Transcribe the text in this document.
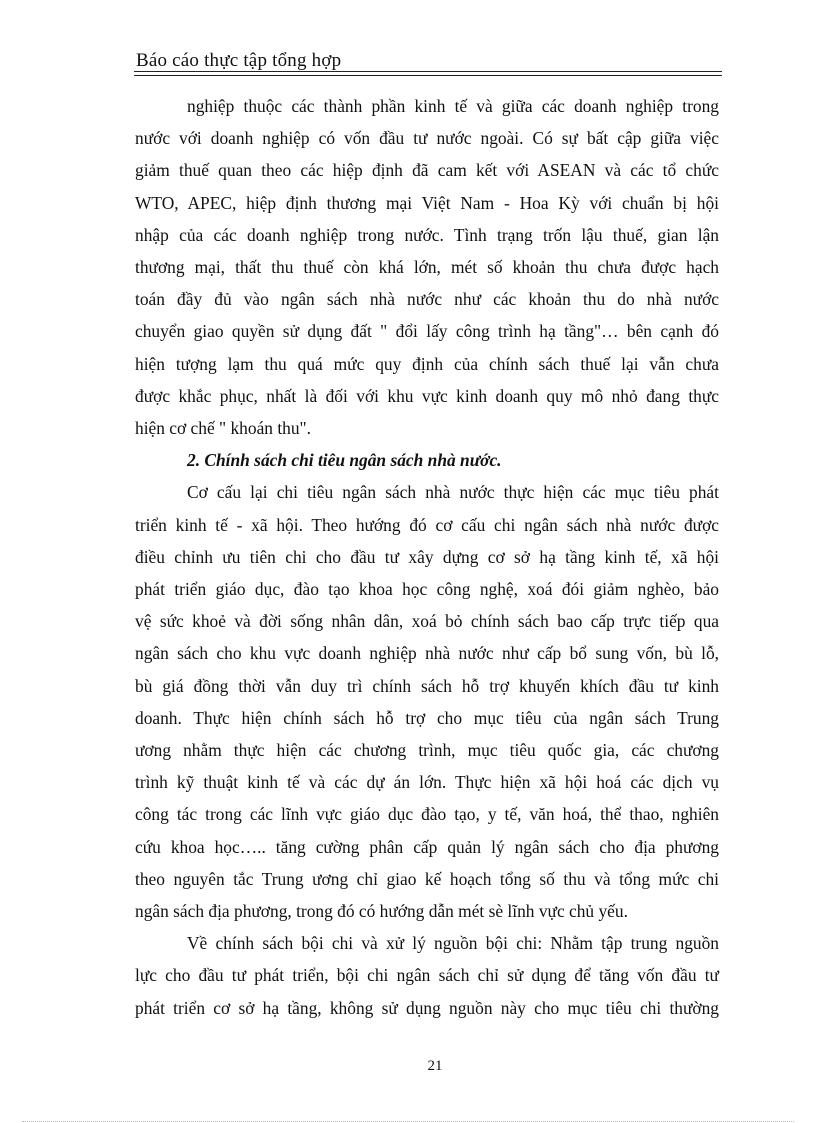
Báo cáo thực tập tổng hợp
nghiệp thuộc các thành phần kinh tế và giữa các doanh nghiệp trong
nước với doanh nghiệp có vốn đầu tư nước ngoài. Có sự bất cập giữa việc
giảm thuế quan theo các hiệp định đã cam kết với ASEAN và các tổ chức
WTO, APEC, hiệp định thương mại Việt Nam - Hoa Kỳ với chuẩn bị hội
nhập của các doanh nghiệp trong nước. Tình trạng trốn lậu thuế, gian lận
thương mại, thất thu thuế còn khá lớn, mét số khoản thu chưa được hạch
toán đầy đủ vào ngân sách nhà nước như các khoản thu do nhà nước
chuyển giao quyền sử dụng đất " đổi lấy công trình hạ tầng"… bên cạnh đó
hiện tượng lạm thu quá mức quy định của chính sách thuế lại vẫn chưa
được khắc phục, nhất là đối với khu vực kinh doanh quy mô nhỏ đang thực
hiện cơ chế " khoán thu".
2. Chính sách chi tiêu ngân sách nhà nước.
Cơ cấu lại chi tiêu ngân sách nhà nước thực hiện các mục tiêu phát
triển kinh tế - xã hội. Theo hướng đó cơ cấu chi ngân sách nhà nước được
điều chỉnh ưu tiên chi cho đầu tư xây dựng cơ sở hạ tầng kinh tế, xã hội
phát triển giáo dục, đào tạo khoa học công nghệ, xoá đói giảm nghèo, bảo
vệ sức khoẻ và đời sống nhân dân, xoá bỏ chính sách bao cấp trực tiếp qua
ngân sách cho khu vực doanh nghiệp nhà nước như cấp bổ sung vốn, bù lỗ,
bù giá đồng thời vẫn duy trì chính sách hỗ trợ khuyến khích đầu tư kinh
doanh. Thực hiện chính sách hỗ trợ cho mục tiêu của ngân sách Trung
ương nhằm thực hiện các chương trình, mục tiêu quốc gia, các chương
trình kỹ thuật kinh tế và các dự án lớn. Thực hiện xã hội hoá các dịch vụ
công tác trong các lĩnh vực giáo dục đào tạo, y tế, văn hoá, thể thao, nghiên
cứu khoa học….. tăng cường phân cấp quản lý ngân sách cho địa phương
theo nguyên tắc Trung ương chỉ giao kế hoạch tổng số thu và tổng mức chi
ngân sách địa phương, trong đó có hướng dẫn mét sè lĩnh vực chủ yếu.
Về chính sách bội chi và xử lý nguồn bội chi: Nhằm tập trung nguồn
lực cho đầu tư phát triển, bội chi ngân sách chỉ sử dụng để tăng vốn đầu tư
phát triển cơ sở hạ tầng, không sử dụng nguồn này cho mục tiêu chi thường
21
